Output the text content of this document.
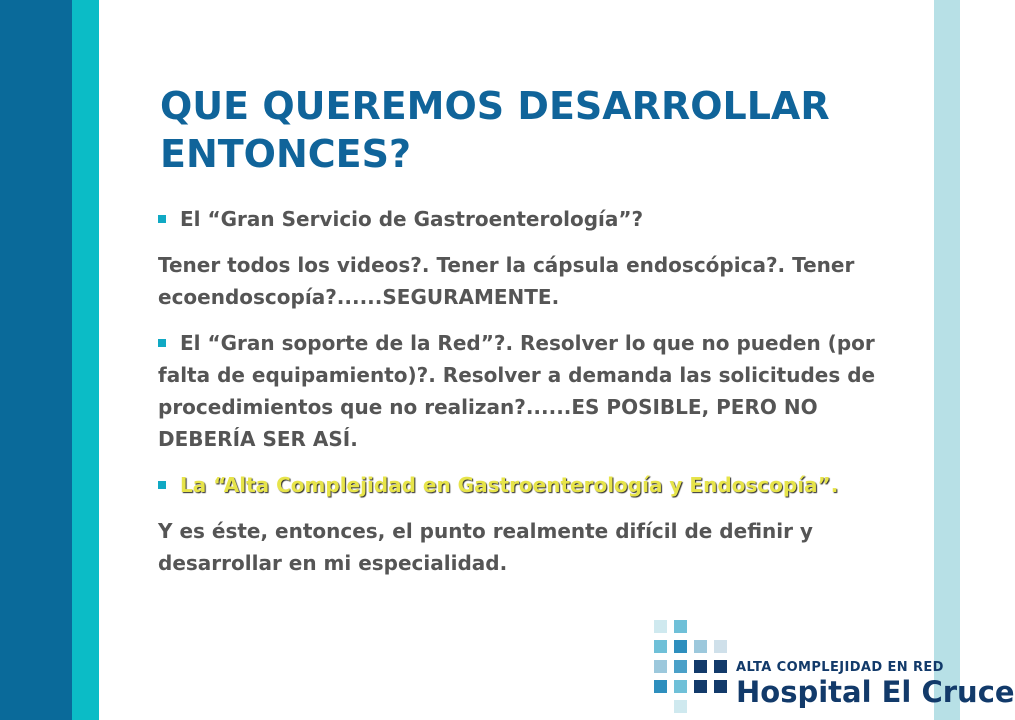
QUE QUEREMOS DESARROLLAR
ENTONCES?

El “Gran Servicio de Gastroenterología”?

Tener todos los videos?. Tener la cápsula endoscópica?. Tener ecoendoscopía?......SEGURAMENTE.

El “Gran soporte de la Red”?. Resolver lo que no pueden (por falta de equipamiento)?. Resolver a demanda las solicitudes de procedimientos que no realizan?......ES POSIBLE, PERO NO DEBERÍA SER ASÍ.

La “Alta Complejidad en Gastroenterología y Endoscopía”.

Y es éste, entonces, el punto realmente difícil de definir y desarrollar en mi especialidad.

ALTA COMPLEJIDAD EN RED
Hospital El Cruce
